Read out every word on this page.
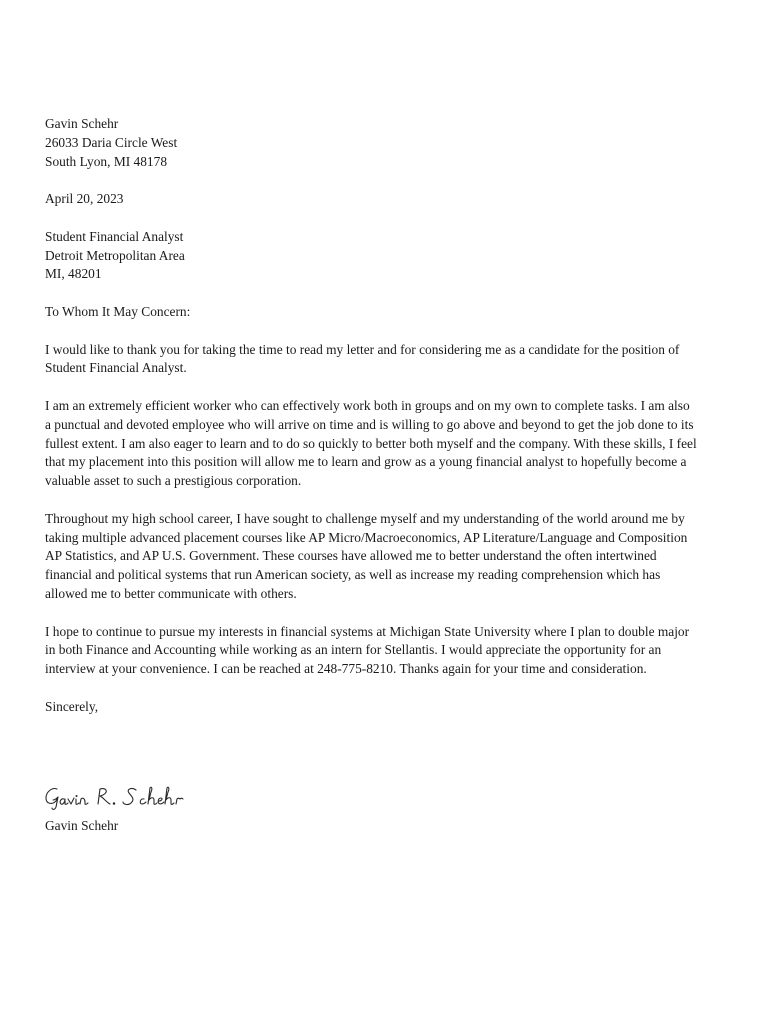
Gavin Schehr
26033 Daria Circle West
South Lyon, MI 48178
April 20, 2023
Student Financial Analyst
Detroit Metropolitan Area
MI, 48201
To Whom It May Concern:
I would like to thank you for taking the time to read my letter and for considering me as a candidate for the position of
Student Financial Analyst.
I am an extremely efficient worker who can effectively work both in groups and on my own to complete tasks. I am also
a punctual and devoted employee who will arrive on time and is willing to go above and beyond to get the job done to its
fullest extent. I am also eager to learn and to do so quickly to better both myself and the company. With these skills, I feel
that my placement into this position will allow me to learn and grow as a young financial analyst to hopefully become a
valuable asset to such a prestigious corporation.
Throughout my high school career, I have sought to challenge myself and my understanding of the world around me by
taking multiple advanced placement courses like AP Micro/Macroeconomics, AP Literature/Language and Composition
AP Statistics, and AP U.S. Government. These courses have allowed me to better understand the often intertwined
financial and political systems that run American society, as well as increase my reading comprehension which has
allowed me to better communicate with others.
I hope to continue to pursue my interests in financial systems at Michigan State University where I plan to double major
in both Finance and Accounting while working as an intern for Stellantis. I would appreciate the opportunity for an
interview at your convenience. I can be reached at 248-775-8210. Thanks again for your time and consideration.
Sincerely,
Gavin Schehr
